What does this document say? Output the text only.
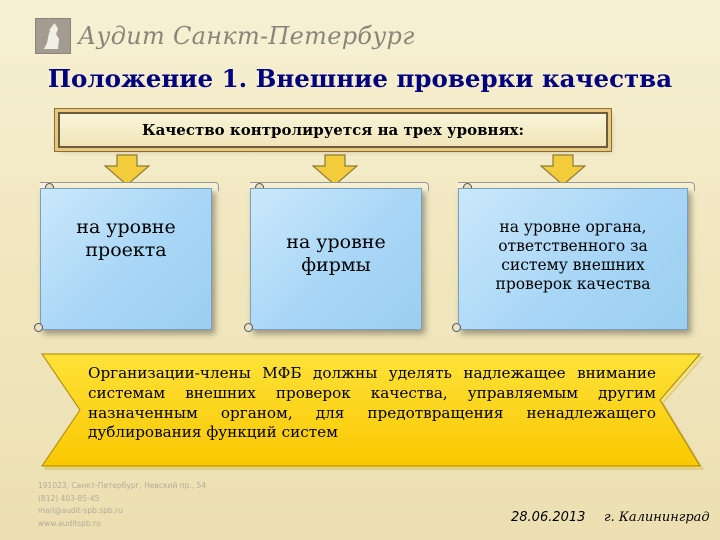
Аудит Санкт-Петербург
Положение 1. Внешние проверки качества
Качество контролируется на трех уровнях:
на уровне
проекта	на уровне
фирмы
на уровне органа,
ответственного за
систему внешних
проверок качества
Организации-члены МФБ должны уделять надлежащее внимание системам внешних проверок качества, управляемым другим назначенным органом, для предотвращения ненадлежащего дублирования функций систем
191023, Санкт-Петербург, Невский пр., 54
(812) 403-85-45
mail@audit-spb.spb.ru
www.auditspb.ru	28.06.2013 г. Калининград
